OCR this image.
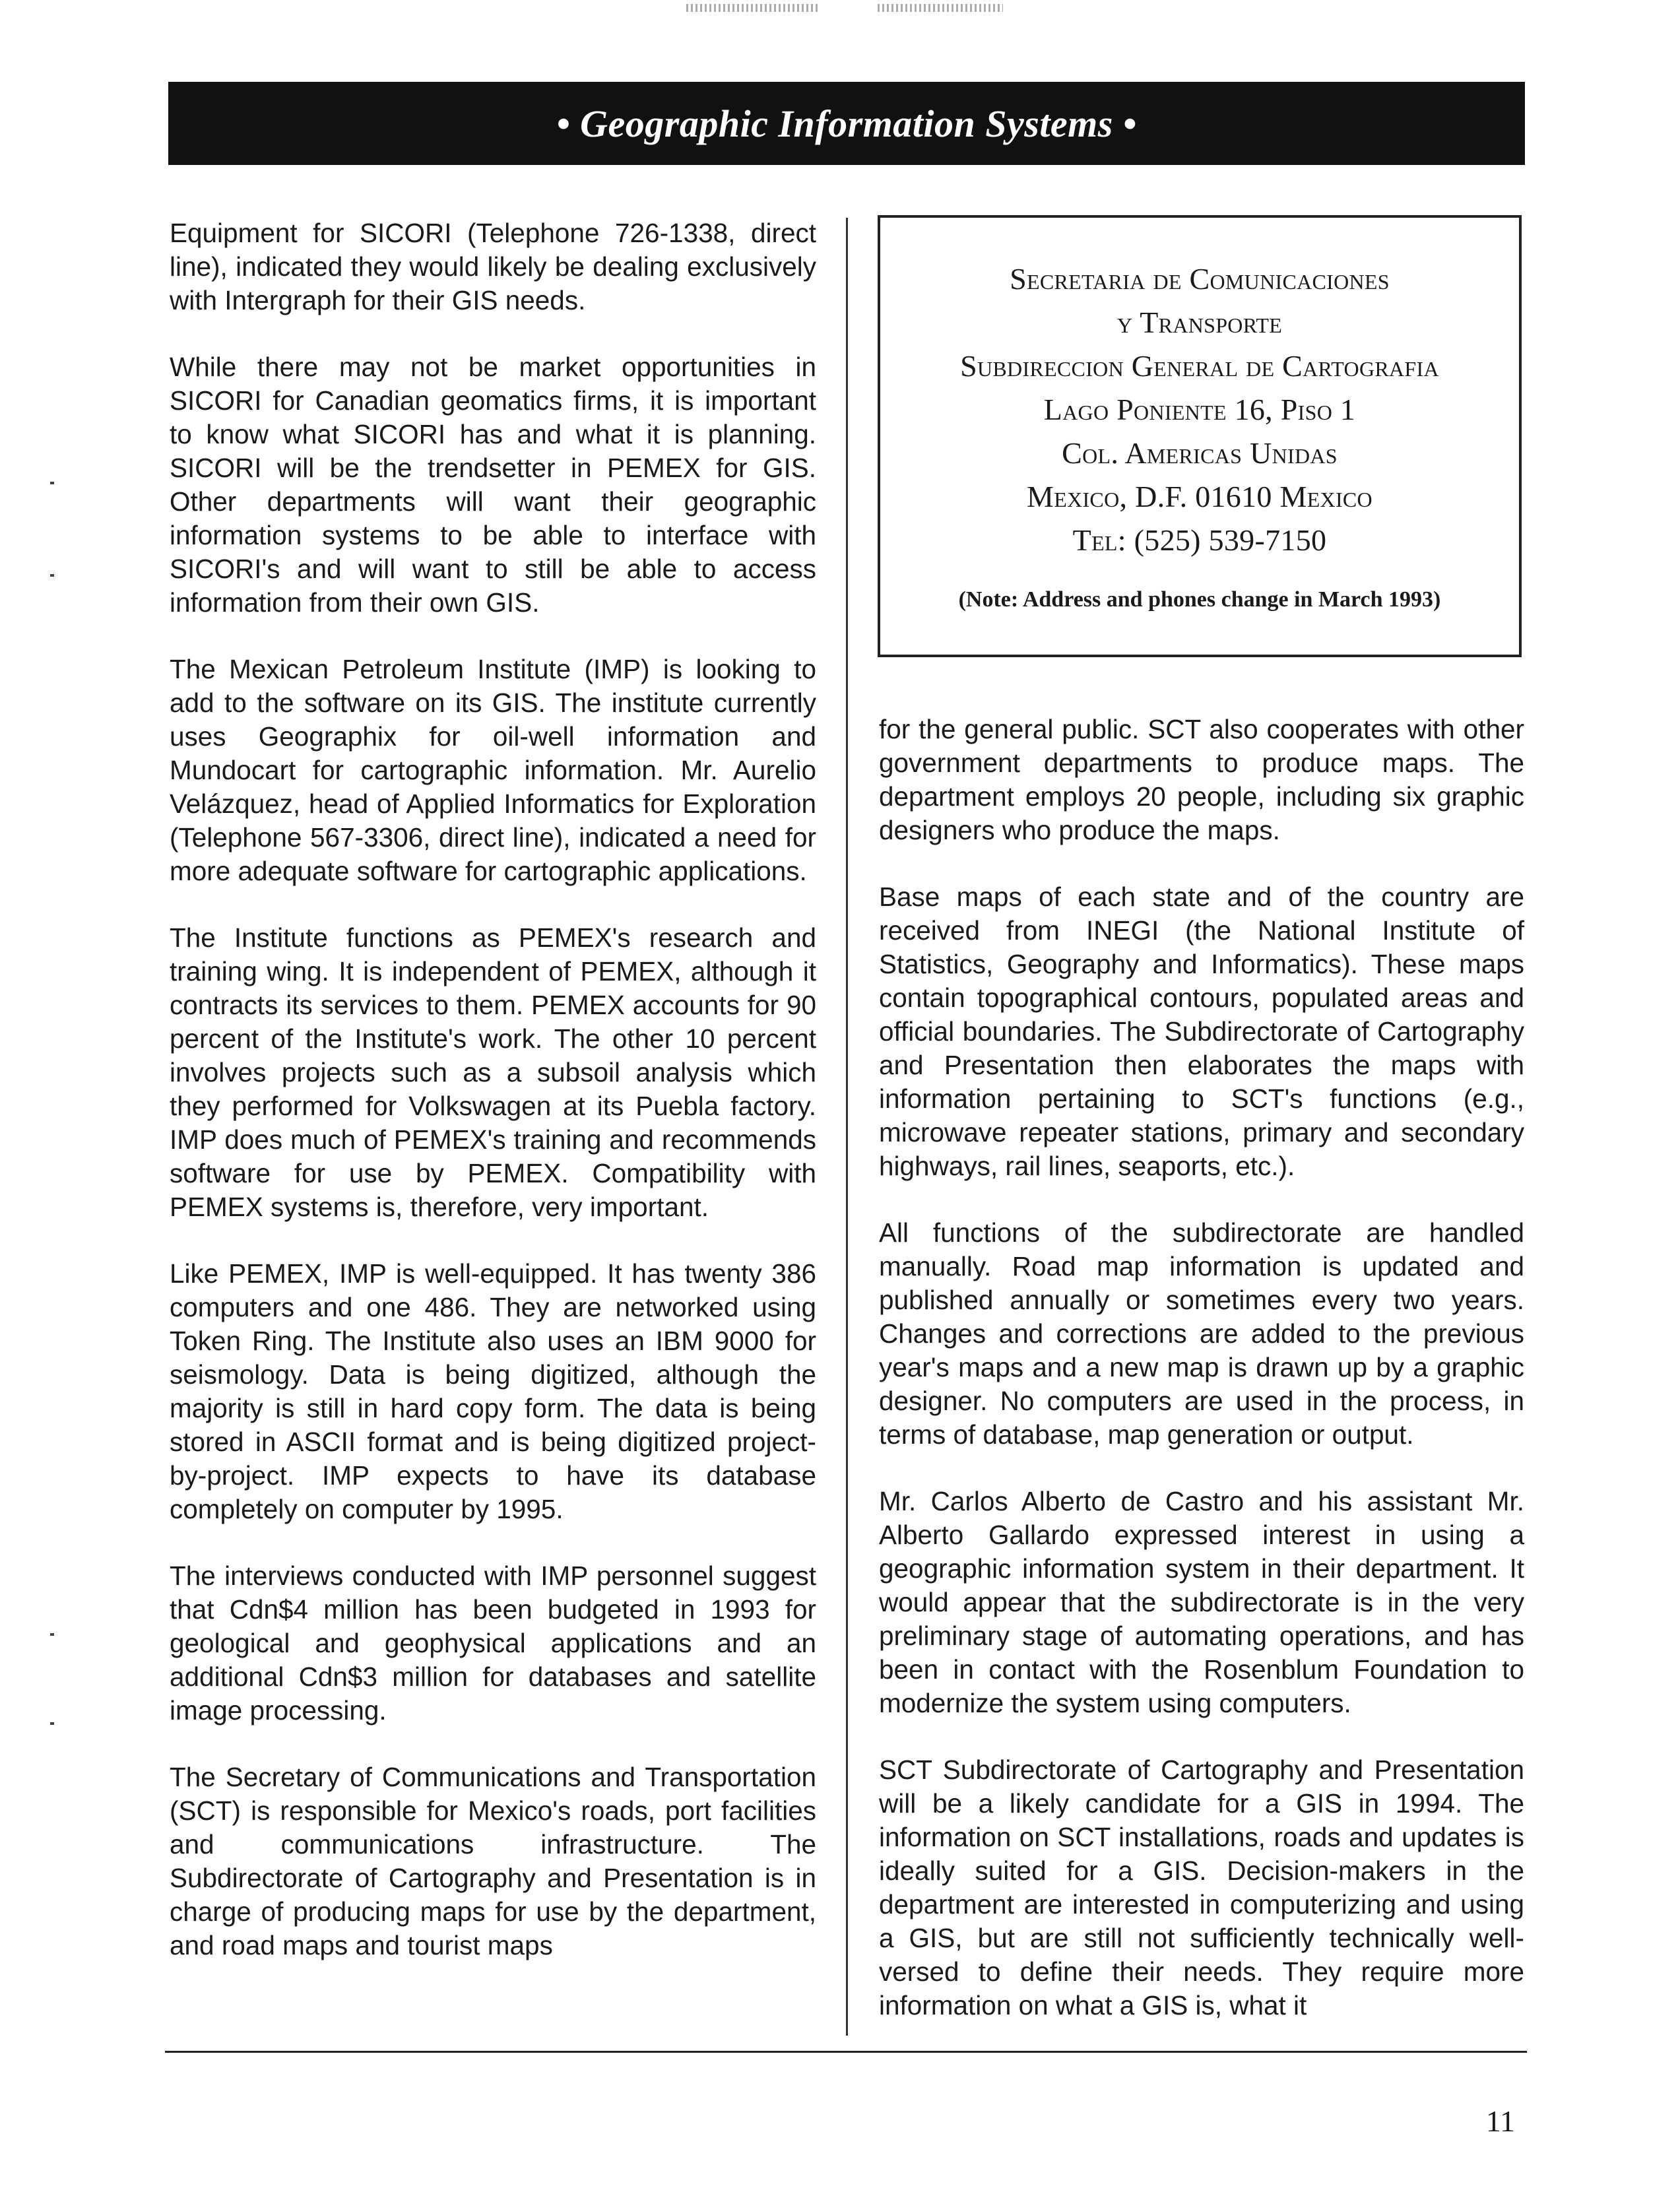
• Geographic Information Systems •

Equipment for SICORI (Telephone 726-1338, direct line), indicated they would likely be dealing exclusively with Intergraph for their GIS needs.

While there may not be market opportunities in SICORI for Canadian geomatics firms, it is important to know what SICORI has and what it is planning. SICORI will be the trendsetter in PEMEX for GIS. Other departments will want their geographic information systems to be able to interface with SICORI's and will want to still be able to access information from their own GIS.

The Mexican Petroleum Institute (IMP) is looking to add to the software on its GIS. The institute currently uses Geographix for oil-well information and Mundocart for cartographic information. Mr. Aurelio Velázquez, head of Applied Informatics for Exploration (Telephone 567-3306, direct line), indicated a need for more adequate software for cartographic applications.

The Institute functions as PEMEX's research and training wing. It is independent of PEMEX, although it contracts its services to them. PEMEX accounts for 90 percent of the Institute's work. The other 10 percent involves projects such as a subsoil analysis which they performed for Volkswagen at its Puebla factory. IMP does much of PEMEX's training and recommends software for use by PEMEX. Compatibility with PEMEX systems is, therefore, very important.

Like PEMEX, IMP is well-equipped. It has twenty 386 computers and one 486. They are networked using Token Ring. The Institute also uses an IBM 9000 for seismology. Data is being digitized, although the majority is still in hard copy form. The data is being stored in ASCII format and is being digitized project-by-project. IMP expects to have its database completely on computer by 1995.

The interviews conducted with IMP personnel suggest that Cdn$4 million has been budgeted in 1993 for geological and geophysical applications and an additional Cdn$3 million for databases and satellite image processing.

The Secretary of Communications and Transportation (SCT) is responsible for Mexico's roads, port facilities and communications infrastructure. The Subdirectorate of Cartography and Presentation is in charge of producing maps for use by the department, and road maps and tourist maps

Secretaria de Comunicaciones
y Transporte
Subdireccion General de Cartografia
Lago Poniente 16, Piso 1
Col. Americas Unidas
Mexico, D.F. 01610 Mexico
Tel: (525) 539-7150
(Note: Address and phones change in March 1993)

for the general public. SCT also cooperates with other government departments to produce maps. The department employs 20 people, including six graphic designers who produce the maps.

Base maps of each state and of the country are received from INEGI (the National Institute of Statistics, Geography and Informatics). These maps contain topographical contours, populated areas and official boundaries. The Subdirectorate of Cartography and Presentation then elaborates the maps with information pertaining to SCT's functions (e.g., microwave repeater stations, primary and secondary highways, rail lines, seaports, etc.).

All functions of the subdirectorate are handled manually. Road map information is updated and published annually or sometimes every two years. Changes and corrections are added to the previous year's maps and a new map is drawn up by a graphic designer. No computers are used in the process, in terms of database, map generation or output.

Mr. Carlos Alberto de Castro and his assistant Mr. Alberto Gallardo expressed interest in using a geographic information system in their department. It would appear that the subdirectorate is in the very preliminary stage of automating operations, and has been in contact with the Rosenblum Foundation to modernize the system using computers.

SCT Subdirectorate of Cartography and Presentation will be a likely candidate for a GIS in 1994. The information on SCT installations, roads and updates is ideally suited for a GIS. Decision-makers in the department are interested in computerizing and using a GIS, but are still not sufficiently technically well-versed to define their needs. They require more information on what a GIS is, what it

11
